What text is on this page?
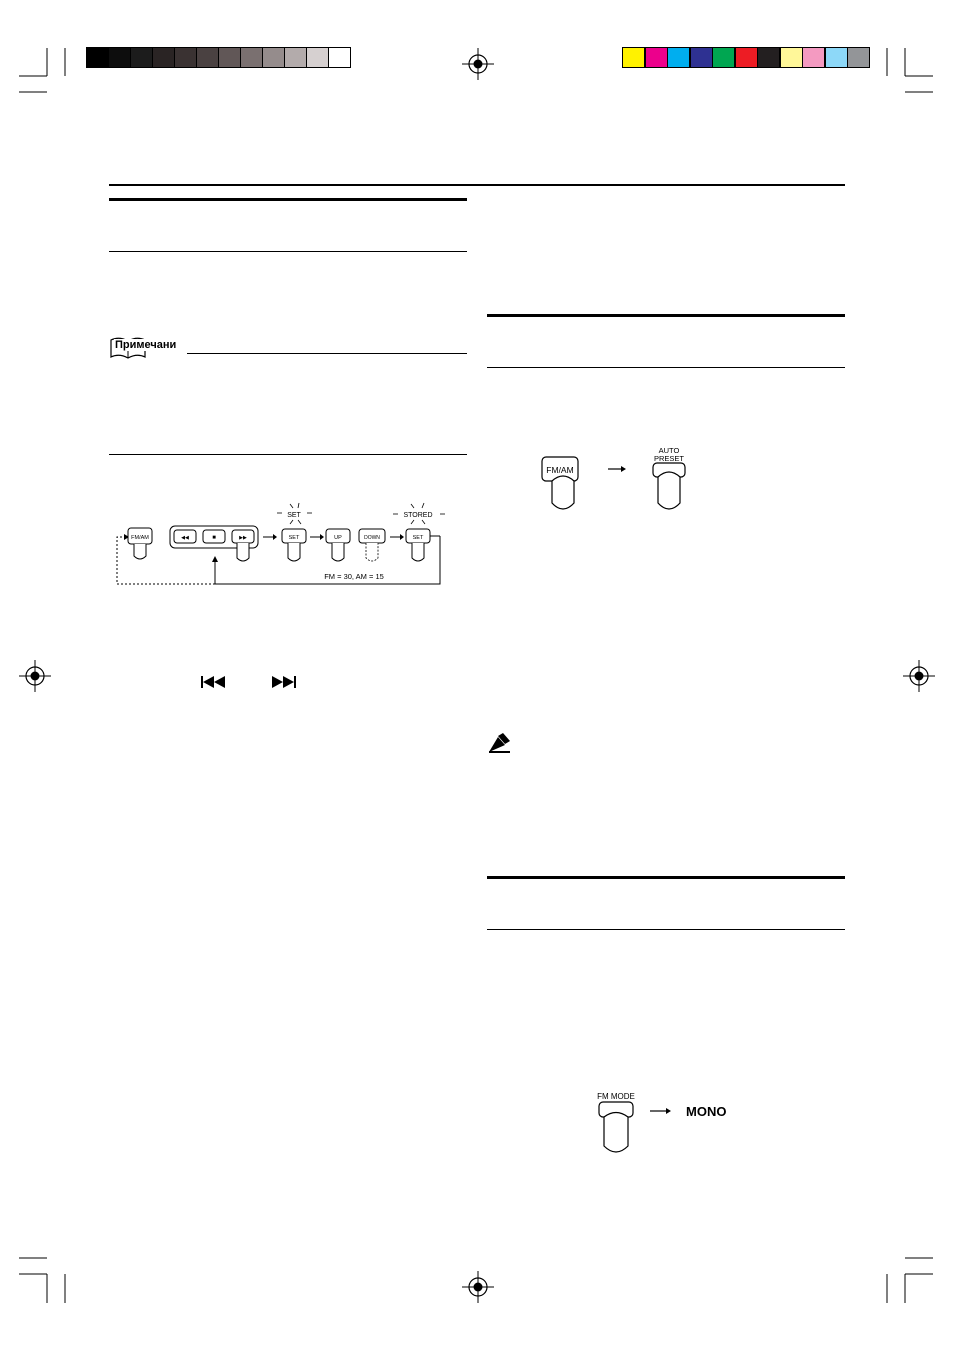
Примечани
FM/AM	◀◀	■	▶▶
SET
SET	UP	DOWN
STORED
SET
FM = 30, AM = 15
FM/AM
AUTO
PRESET
FM MODE
MONO
